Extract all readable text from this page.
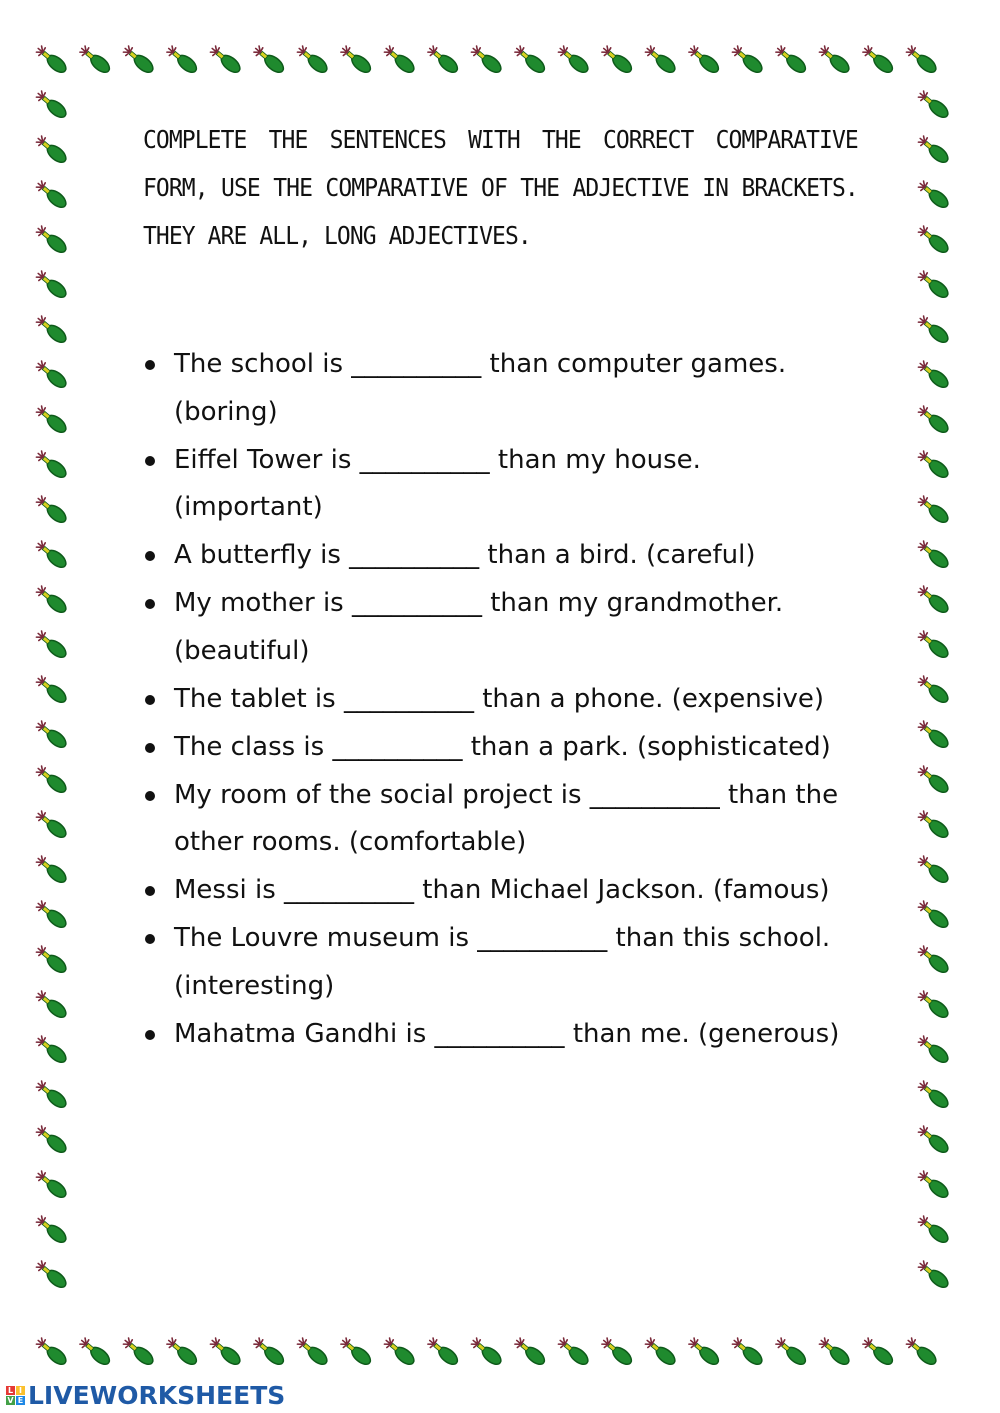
COMPLETE THE SENTENCES WITH THE CORRECT COMPARATIVE FORM, USE THE COMPARATIVE OF THE ADJECTIVE IN BRACKETS. THEY ARE ALL, LONG ADJECTIVES.
The school is __________ than computer games. (boring)
Eiffel Tower is __________ than my house. (important)
A butterfly is __________ than a bird. (careful)
My mother is __________ than my grandmother. (beautiful)
The tablet is __________ than a phone. (expensive)
The class is __________ than a park. (sophisticated)
My room of the social project is __________ than the other rooms. (comfortable)
Messi is __________ than Michael Jackson. (famous)
The Louvre museum is __________ than this school. (interesting)
Mahatma Gandhi is __________ than me. (generous)
L I
V E LIVEWORKSHEETS
